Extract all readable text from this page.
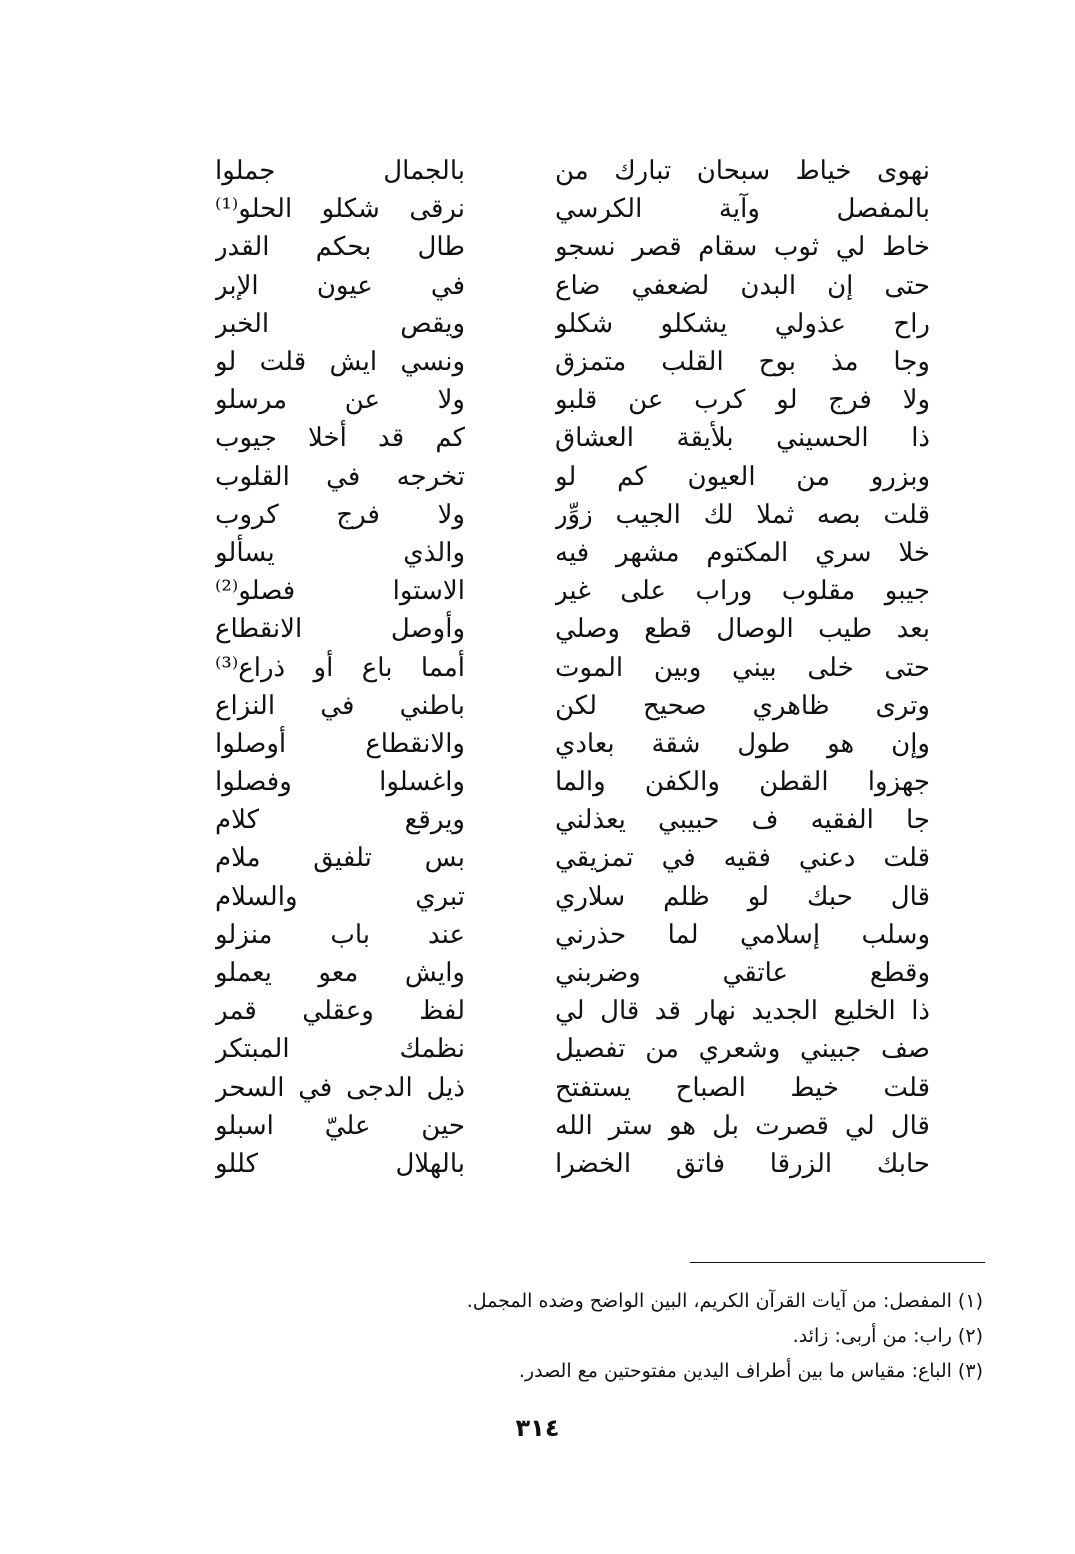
نهوى خياط سبحان تبارك من
بالجمال جملوا
بالمفصل وآية الكرسي
نرقى شكلو الحلو⁽¹⁾
خاط لي ثوب سقام قصر نسجو
طال بحكم القدر
حتى إن البدن لضعفي ضاع
في عيون الإبر
راح عذولي يشكلو شكلو
ويقص الخبر
وجا مذ بوح القلب متمزق
ونسي ايش قلت لو
ولا فرج لو كرب عن قلبو
ولا عن مرسلو
ذا الحسيني بلأيقة العشاق
كم قد أخلا جيوب
وبزرو من العيون كم لو
تخرجه في القلوب
قلت بصه ثملا لك الجيب زوِّر
ولا فرج كروب
خلا سري المكتوم مشهر فيه
والذي يسألو
جيبو مقلوب وراب على غير
الاستوا فصلو⁽²⁾
بعد طيب الوصال قطع وصلي
وأوصل الانقطاع
حتى خلى بيني وبين الموت
أمما باع أو ذراع⁽³⁾
وترى ظاهري صحيح لكن
باطني في النزاع
وإن هو طول شقة بعادي
والانقطاع أوصلوا
جهزوا القطن والكفن والما
واغسلوا وفصلوا
جا الفقيه ف حبيبي يعذلني
ويرقع كلام
قلت دعني فقيه في تمزيقي
بس تلفيق ملام
قال حبك لو ظلم سلاري
تبري والسلام
وسلب إسلامي لما حذرني
عند باب منزلو
وقطع عاتقي وضربني
وايش معو يعملو
ذا الخليع الجديد نهار قد قال لي
لفظ وعقلي قمر
صف جبيني وشعري من تفصيل
نظمك المبتكر
قلت خيط الصباح يستفتح
ذيل الدجى في السحر
قال لي قصرت بل هو ستر الله
حين عليّ اسبلو
حابك الزرقا فاتق الخضرا
بالهلال كللو
(١) المفصل: من آيات القرآن الكريم، البين الواضح وضده المجمل.
(٢) راب: من أربى: زائد.
(٣) الباع: مقياس ما بين أطراف اليدين مفتوحتين مع الصدر.
٣١٤
